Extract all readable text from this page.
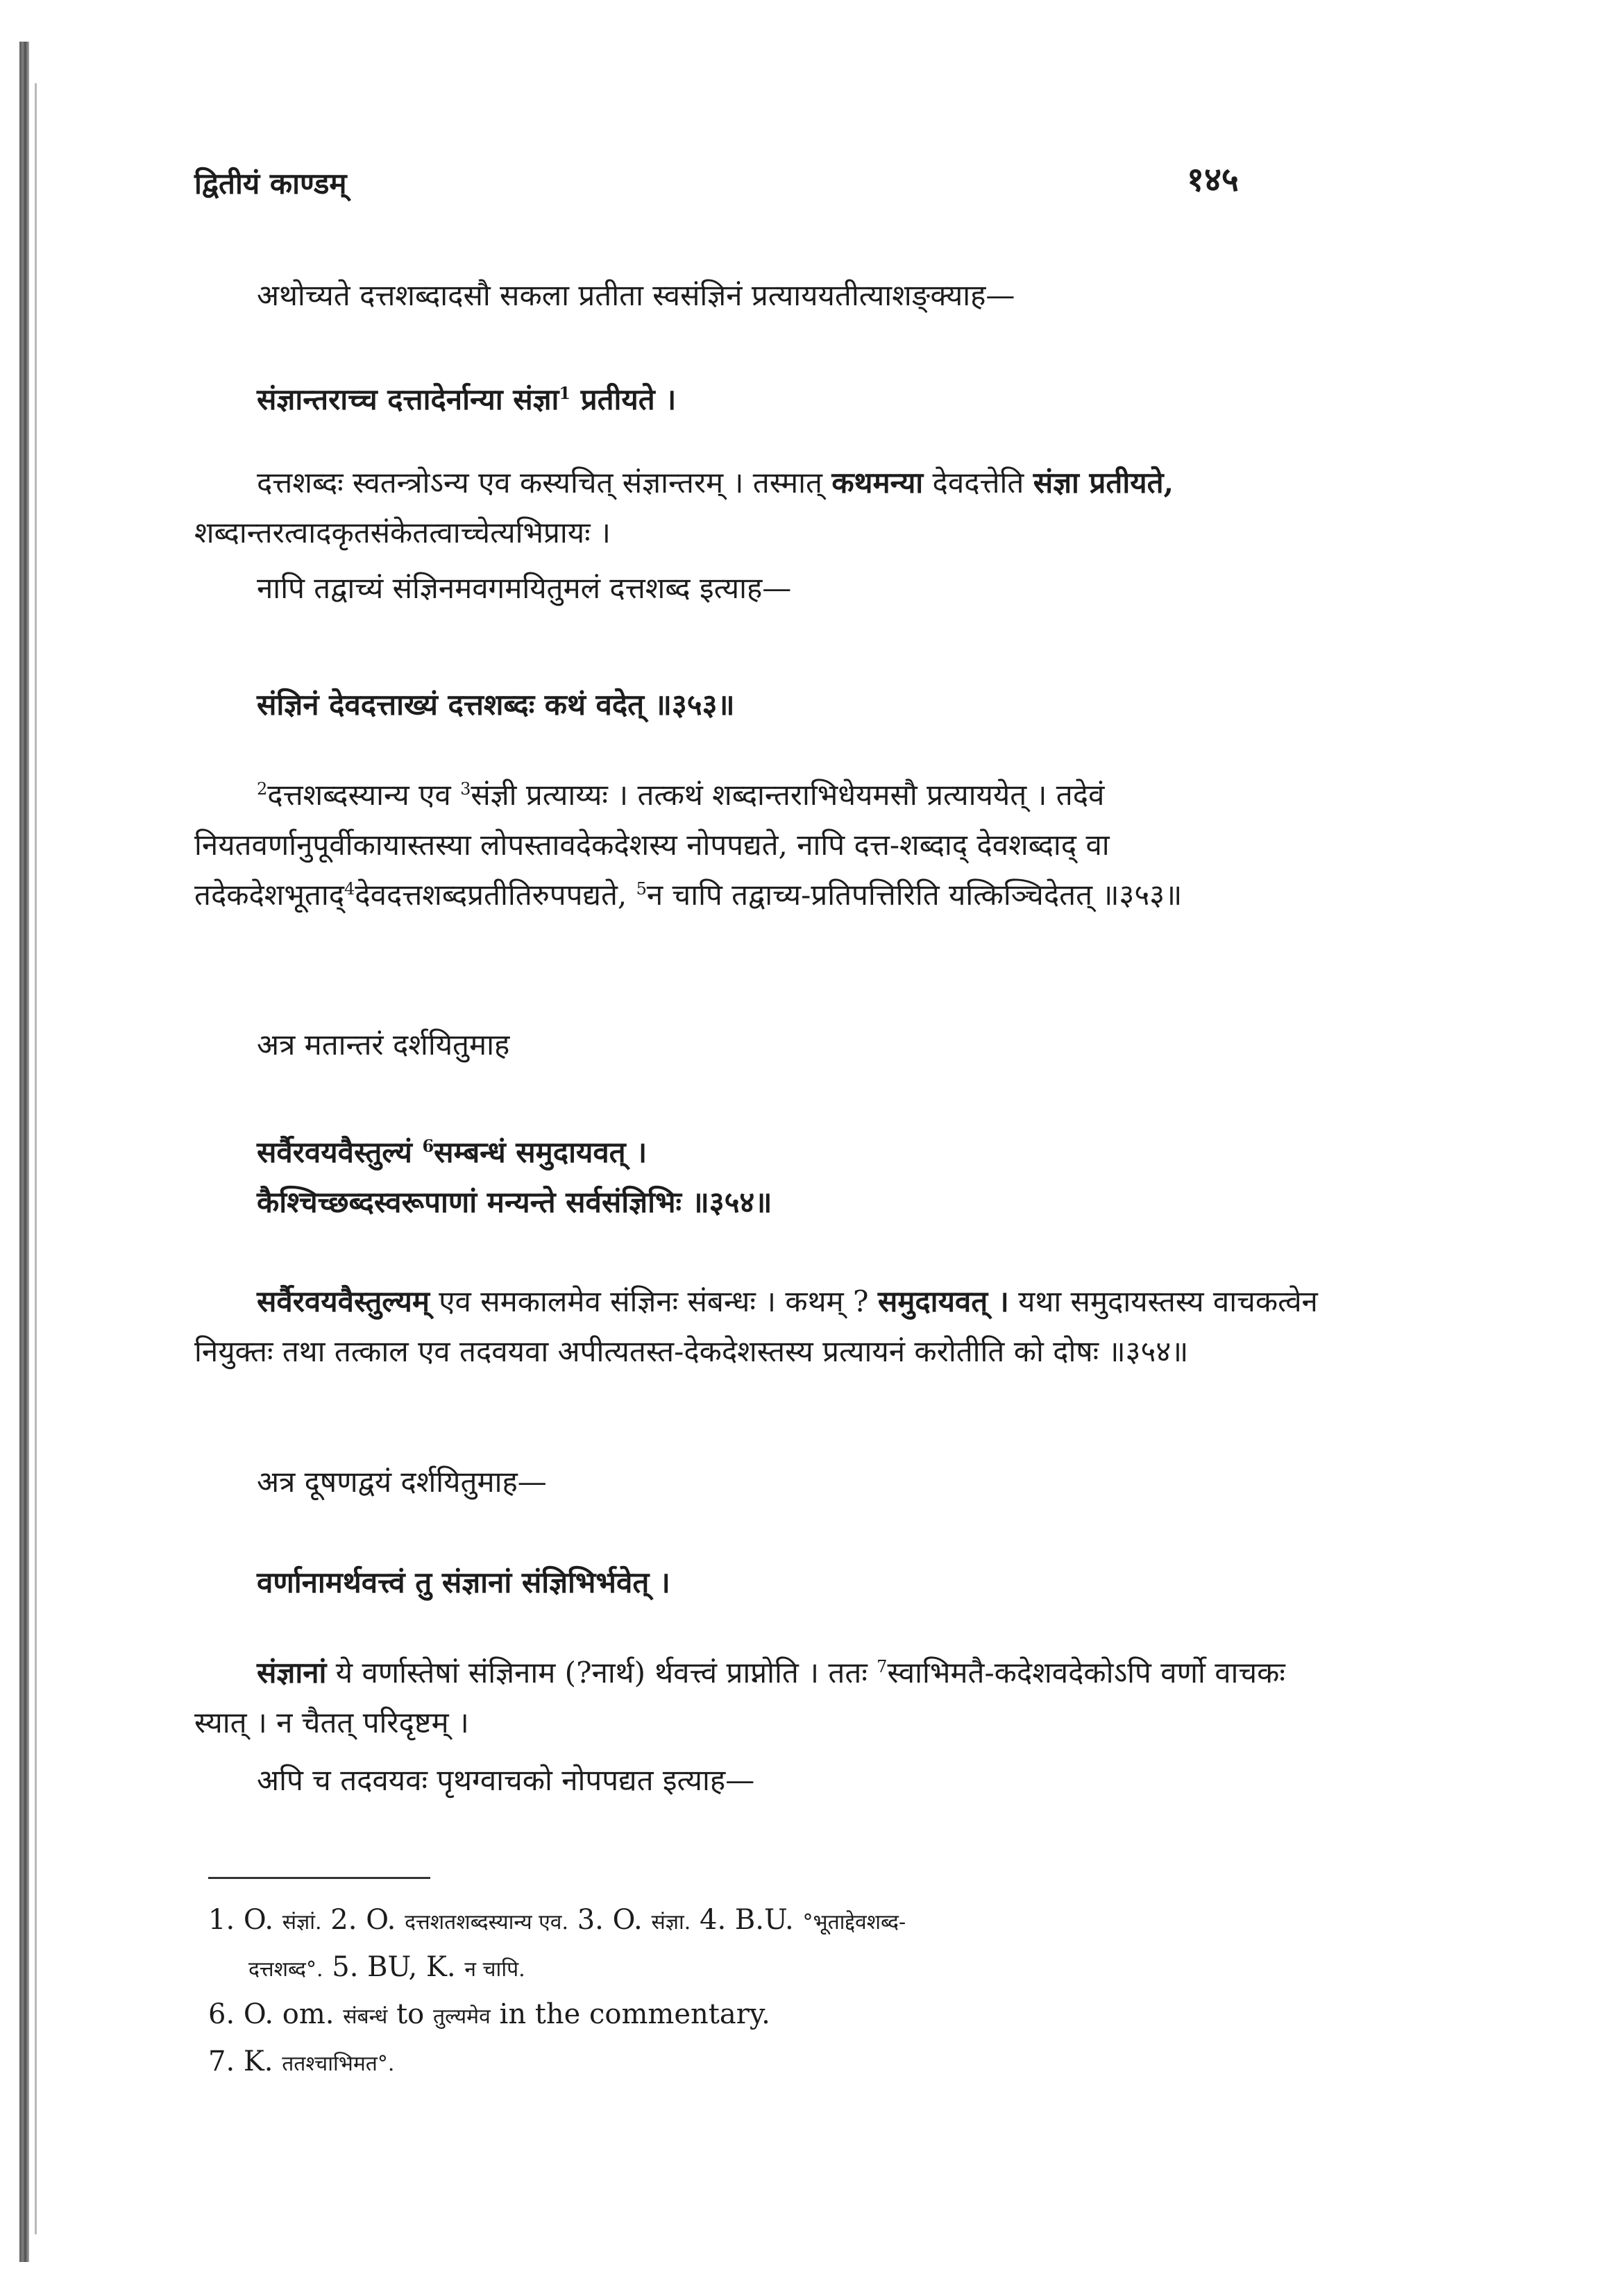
द्वितीयं काण्डम्	१४५
अथोच्यते दत्तशब्दादसौ सकला प्रतीता स्वसंज्ञिनं प्रत्याययतीत्याशङ्क्याह—
संज्ञान्तराच्च दत्तादेर्नान्या संज्ञा$^1$ प्रतीयते ।
दत्तशब्दः स्वतन्त्रोऽन्य एव कस्यचित् संज्ञान्तरम् । तस्मात् कथमन्या देवदत्तेति संज्ञा प्रतीयते, शब्दान्तरत्वादकृतसंकेतत्वाच्चेत्यभिप्रायः ।
नापि तद्वाच्यं संज्ञिनमवगमयितुमलं दत्तशब्द इत्याह—
संज्ञिनं देवदत्ताख्यं दत्तशब्दः कथं वदेत् ॥३५३॥
$^2$दत्तशब्दस्यान्य एव $^3$संज्ञी प्रत्याय्यः । तत्कथं शब्दान्तराभिधेयमसौ प्रत्याययेत् । तदेवं नियतवर्णानुपूर्वीकायास्तस्या लोपस्तावदेकदेशस्य नोपपद्यते, नापि दत्त-शब्दाद् देवशब्दाद् वा तदेकदेशभूताद्$^4$देवदत्तशब्दप्रतीतिरुपपद्यते, $^5$न चापि तद्वाच्य-प्रतिपत्तिरिति यत्किञ्चिदेतत् ॥३५३॥
अत्र मतान्तरं दर्शयितुमाह
सर्वैरवयवैस्तुल्यं $^6$सम्बन्धं समुदायवत् ।
कैश्चिच्छब्दस्वरूपाणां मन्यन्ते सर्वसंज्ञिभिः ॥३५४॥
सर्वैरवयवैस्तुल्यम् एव समकालमेव संज्ञिनः संबन्धः । कथम् ? समुदायवत् । यथा समुदायस्तस्य वाचकत्वेन नियुक्तः तथा तत्काल एव तदवयवा अपीत्यतस्त-देकदेशस्तस्य प्रत्यायनं करोतीति को दोषः ॥३५४॥
अत्र दूषणद्वयं दर्शयितुमाह—
वर्णानामर्थवत्त्वं तु संज्ञानां संज्ञिभिर्भवेत् ।
संज्ञानां ये वर्णास्तेषां संज्ञिनाम (?नार्थ) र्थवत्त्वं प्राप्नोति । ततः $^7$स्वाभिमतै-कदेशवदेकोऽपि वर्णो वाचकः स्यात् । न चैतत् परिदृष्टम् ।
अपि च तदवयवः पृथग्वाचको नोपपद्यत इत्याह—
1. O. संज्ञां. 2. O. दत्तशतशब्दस्यान्य एव. 3. O. संज्ञा. 4. B.U. °भूताद्देवशब्द-
दत्तशब्द°. 5. BU, K. न चापि.
6. O. om. संबन्धं to तुल्यमेव in the commentary.
7. K. ततश्चाभिमत°.
